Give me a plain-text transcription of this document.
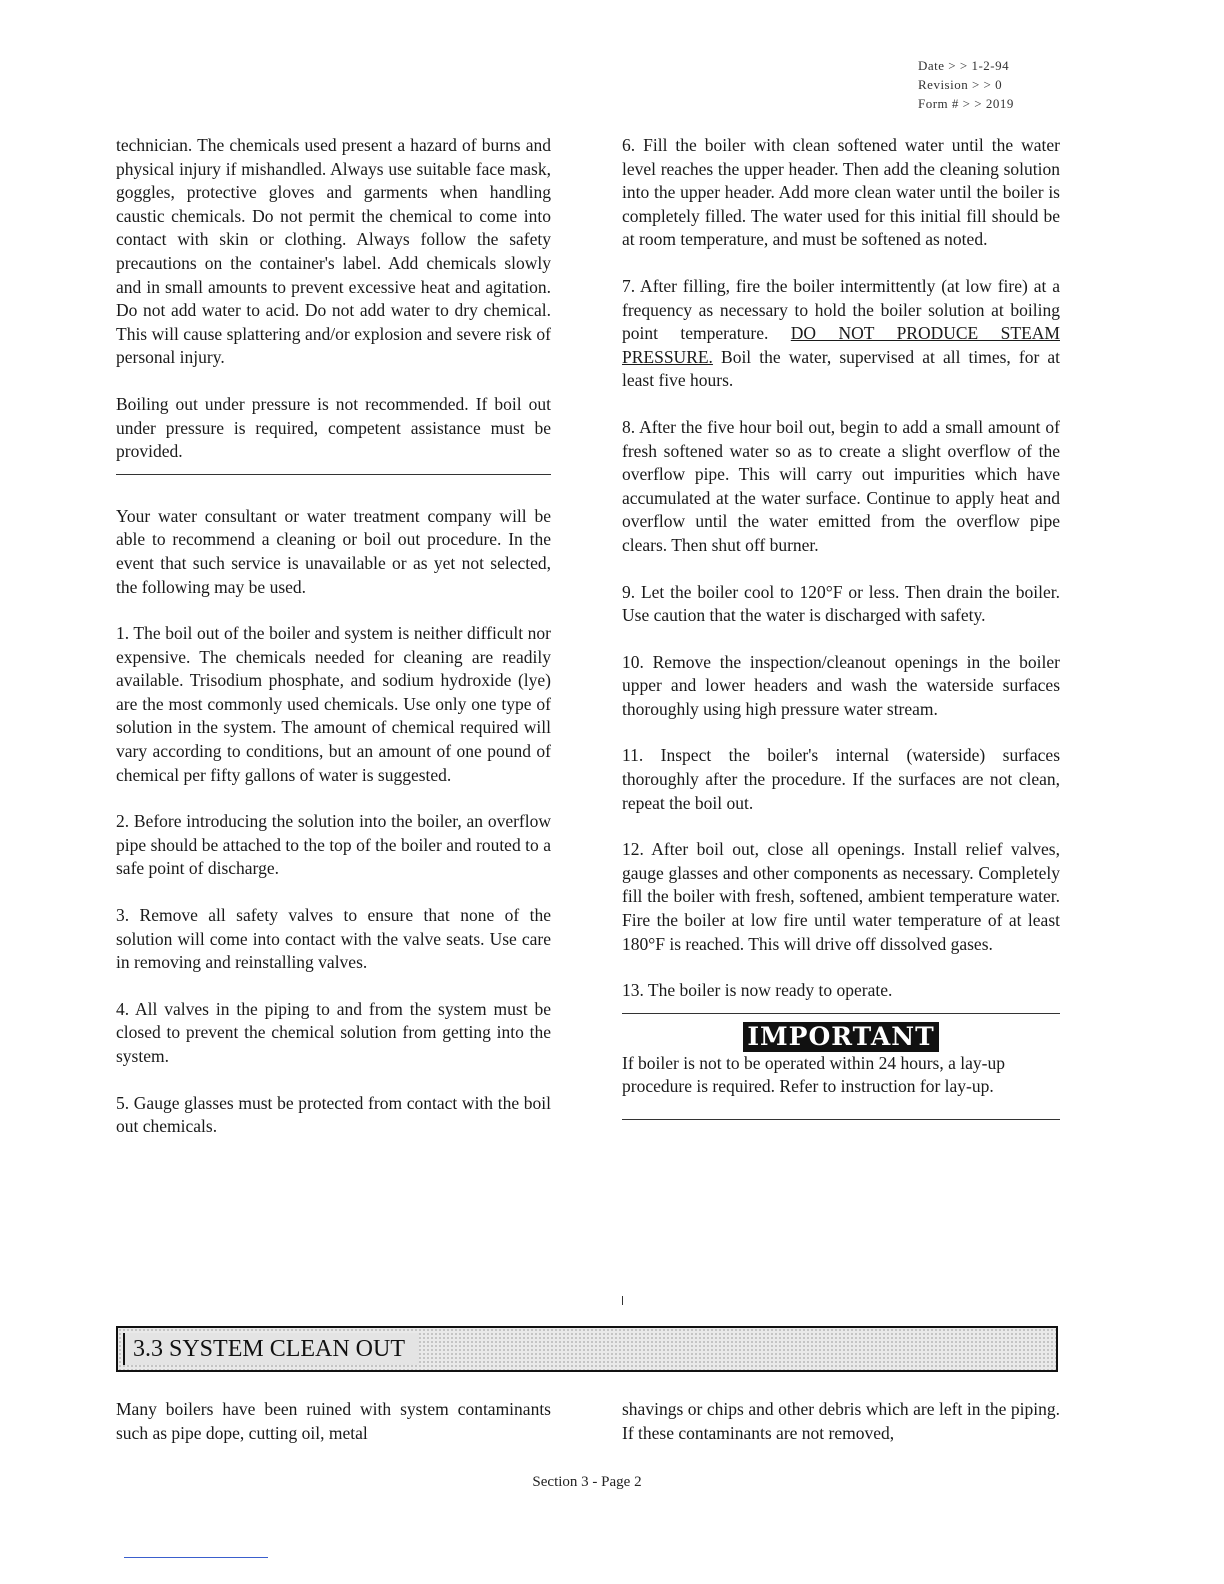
Date > > 1-2-94
Revision > > 0
Form # > > 2019

technician. The chemicals used present a hazard of burns and physical injury if mishandled. Always use suitable face mask, goggles, protective gloves and garments when handling caustic chemicals. Do not permit the chemical to come into contact with skin or clothing. Always follow the safety precautions on the container's label. Add chemicals slowly and in small amounts to prevent excessive heat and agitation. Do not add water to acid. Do not add water to dry chemical. This will cause splattering and/or explosion and severe risk of personal injury.

Boiling out under pressure is not recommended. If boil out under pressure is required, competent assistance must be provided.

Your water consultant or water treatment company will be able to recommend a cleaning or boil out procedure. In the event that such service is unavailable or as yet not selected, the following may be used.

1. The boil out of the boiler and system is neither difficult nor expensive. The chemicals needed for cleaning are readily available. Trisodium phosphate, and sodium hydroxide (lye) are the most commonly used chemicals. Use only one type of solution in the system. The amount of chemical required will vary according to conditions, but an amount of one pound of chemical per fifty gallons of water is suggested.

2. Before introducing the solution into the boiler, an overflow pipe should be attached to the top of the boiler and routed to a safe point of discharge.

3. Remove all safety valves to ensure that none of the solution will come into contact with the valve seats. Use care in removing and reinstalling valves.

4. All valves in the piping to and from the system must be closed to prevent the chemical solution from getting into the system.

5. Gauge glasses must be protected from contact with the boil out chemicals.

6. Fill the boiler with clean softened water until the water level reaches the upper header. Then add the cleaning solution into the upper header. Add more clean water until the boiler is completely filled. The water used for this initial fill should be at room temperature, and must be softened as noted.

7. After filling, fire the boiler intermittently (at low fire) at a frequency as necessary to hold the boiler solution at boiling point temperature. DO NOT PRODUCE STEAM PRESSURE. Boil the water, supervised at all times, for at least five hours.

8. After the five hour boil out, begin to add a small amount of fresh softened water so as to create a slight overflow of the overflow pipe. This will carry out impurities which have accumulated at the water surface. Continue to apply heat and overflow until the water emitted from the overflow pipe clears. Then shut off burner.

9. Let the boiler cool to 120°F or less. Then drain the boiler. Use caution that the water is discharged with safety.

10. Remove the inspection/cleanout openings in the boiler upper and lower headers and wash the waterside surfaces thoroughly using high pressure water stream.

11. Inspect the boiler's internal (waterside) surfaces thoroughly after the procedure. If the surfaces are not clean, repeat the boil out.

12. After boil out, close all openings. Install relief valves, gauge glasses and other components as necessary. Completely fill the boiler with fresh, softened, ambient temperature water. Fire the boiler at low fire until water temperature of at least 180°F is reached. This will drive off dissolved gases.

13. The boiler is now ready to operate.

IMPORTANT

If boiler is not to be operated within 24 hours, a lay-up procedure is required. Refer to instruction for lay-up.

3.3 SYSTEM CLEAN OUT
Many boilers have been ruined with system contaminants such as pipe dope, cutting oil, metal
shavings or chips and other debris which are left in the piping. If these contaminants are not removed,
Section 3 - Page 2
